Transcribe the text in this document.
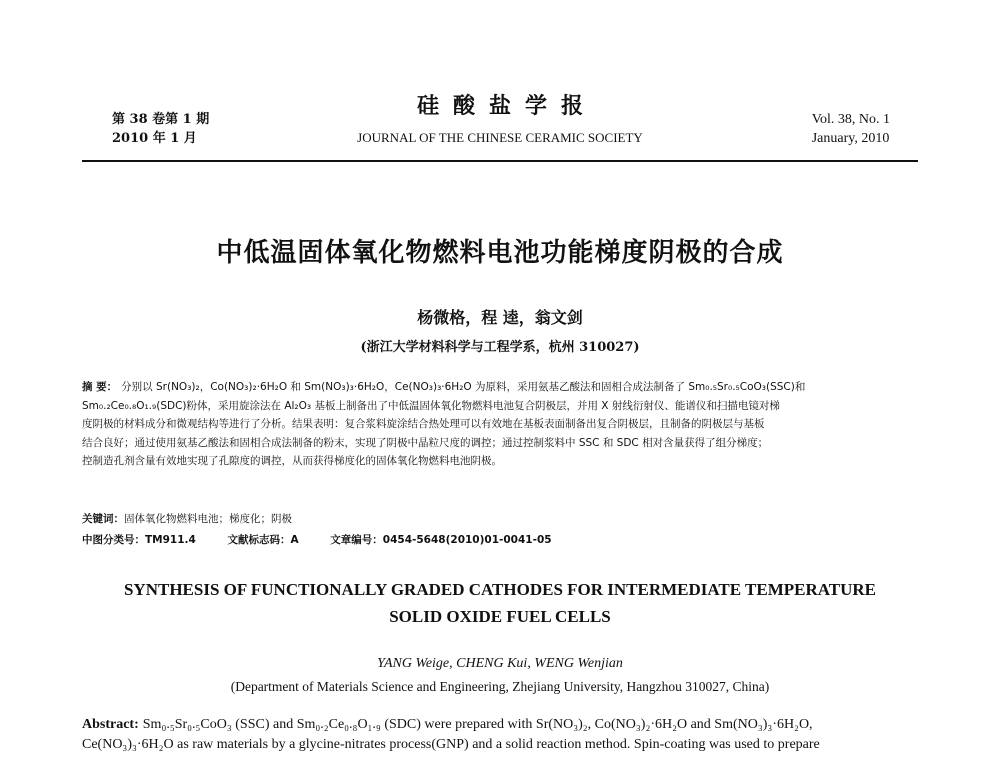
第 38 卷第 1 期
2010 年 1 月
硅酸盐学报
JOURNAL OF THE CHINESE CERAMIC SOCIETY
Vol. 38, No. 1
January, 2010
中低温固体氧化物燃料电池功能梯度阴极的合成
杨微格，程 逵，翁文剑
(浙江大学材料科学与工程学系，杭州 310027)
摘 要： 分别以 Sr(NO₃)₂，Co(NO₃)₂·6H₂O 和 Sm(NO₃)₃·6H₂O，Ce(NO₃)₃·6H₂O 为原料，采用氨基乙酸法和固相合成法制备了 Sm₀.₅Sr₀.₅CoO₃(SSC)和
Sm₀.₂Ce₀.₈O₁.₉(SDC)粉体，采用旋涂法在 Al₂O₃ 基板上制备出了中低温固体氧化物燃料电池复合阴极层，并用 X 射线衍射仪、能谱仪和扫描电镜对梯
度阴极的材料成分和微观结构等进行了分析。结果表明：复合浆料旋涂结合热处理可以有效地在基板表面制备出复合阴极层，且制备的阴极层与基板
结合良好；通过使用氨基乙酸法和固相合成法制备的粉末，实现了阴极中晶粒尺度的调控；通过控制浆料中 SSC 和 SDC 相对含量获得了组分梯度；
控制造孔剂含量有效地实现了孔隙度的调控，从而获得梯度化的固体氧化物燃料电池阴极。
关键词：固体氧化物燃料电池；梯度化；阴极
中图分类号：TM911.4	文献标志码：A	文章编号：0454-5648(2010)01-0041-05
SYNTHESIS OF FUNCTIONALLY GRADED CATHODES FOR INTERMEDIATE TEMPERATURE
SOLID OXIDE FUEL CELLS
YANG Weige, CHENG Kui, WENG Wenjian
(Department of Materials Science and Engineering, Zhejiang University, Hangzhou 310027, China)
Abstract: Sm₀.₅Sr₀.₅CoO₃ (SSC) and Sm₀.₂Ce₀.₈O₁.₉ (SDC) were prepared with Sr(NO₃)₂, Co(NO₃)₂·6H₂O and Sm(NO₃)₃·6H₂O,
Ce(NO₃)₃·6H₂O as raw materials by a glycine-nitrates process(GNP) and a solid reaction method. Spin-coating was used to prepare
